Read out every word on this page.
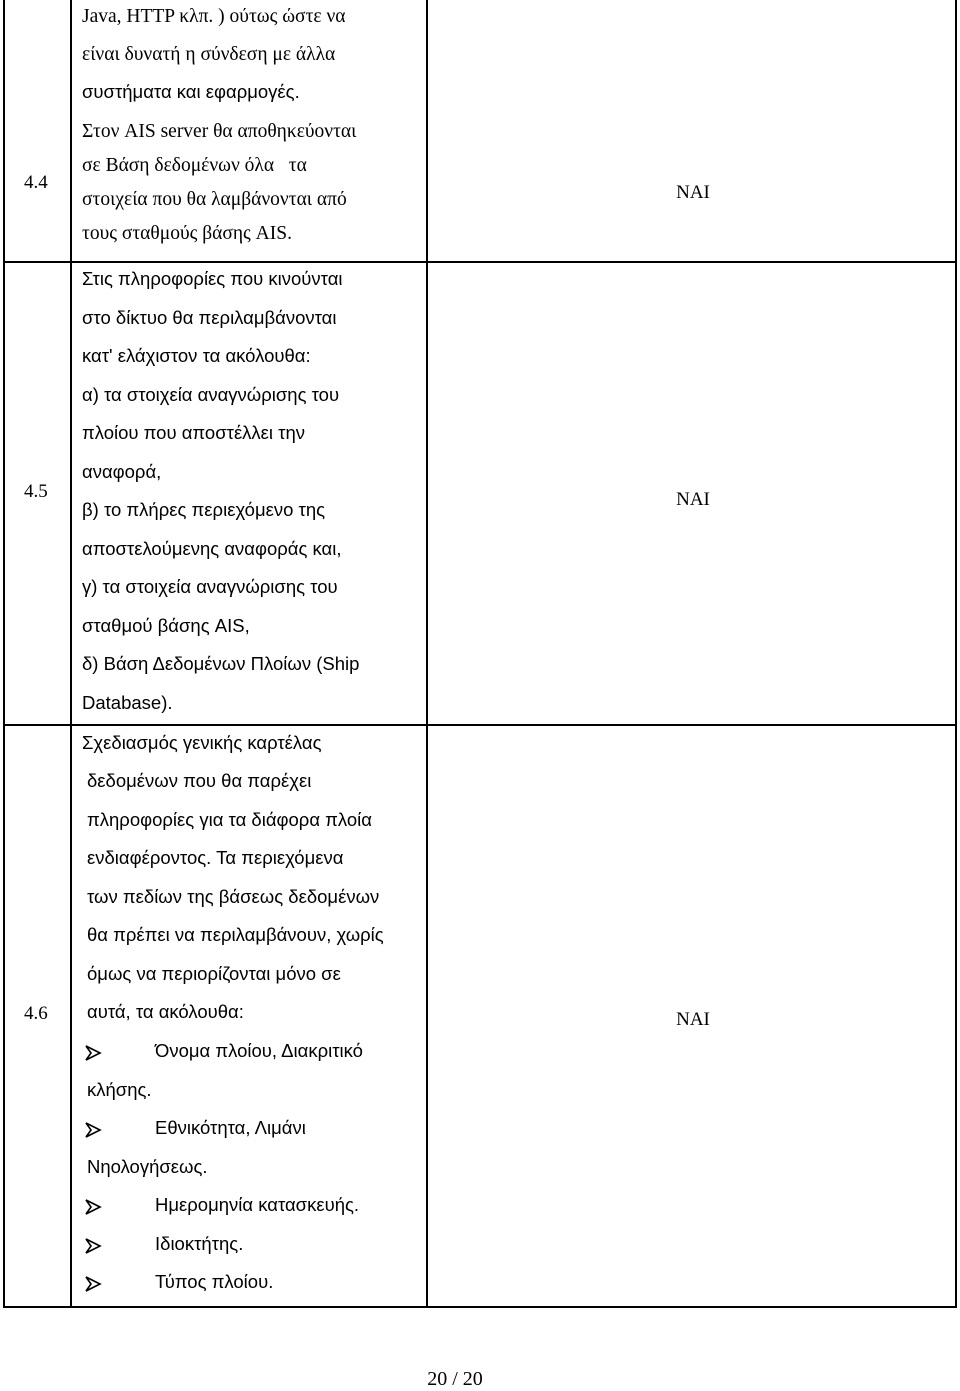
4.4
Java, HTTP κλπ. ) ούτως ώστε να
είναι δυνατή η σύνδεση με άλλα
συστήματα και εφαρμογές.
Στον AIS server θα αποθηκεύονται
σε Βάση δεδομένων όλα   τα
στοιχεία που θα λαμβάνονται από
τους σταθμούς βάσης AIS.
NAI
4.5
Στις πληροφορίες που κινούνται
στο δίκτυο θα περιλαμβάνονται
κατ' ελάχιστον τα ακόλουθα:
α) τα στοιχεία αναγνώρισης του
πλοίου που αποστέλλει την
αναφορά,
β) το πλήρες περιεχόμενο της
αποστελούμενης αναφοράς και,
γ) τα στοιχεία αναγνώρισης του
σταθμού βάσης AIS,
δ) Βάση Δεδομένων Πλοίων (Ship
Database).
NAI
4.6
Σχεδιασμός γενικής καρτέλας
δεδομένων που θα παρέχει
πληροφορίες για τα διάφορα πλοία
ενδιαφέροντος. Τα περιεχόμενα
των πεδίων της βάσεως δεδομένων
θα πρέπει να περιλαμβάνουν, χωρίς
όμως να περιορίζονται μόνο σε
αυτά, τα ακόλουθα:
Όνομα πλοίου, Διακριτικό
κλήσης.
Εθνικότητα, Λιμάνι
Νηολογήσεως.
Ημερομηνία κατασκευής.
Ιδιοκτήτης.
Τύπος πλοίου.
NAI
20 / 20
